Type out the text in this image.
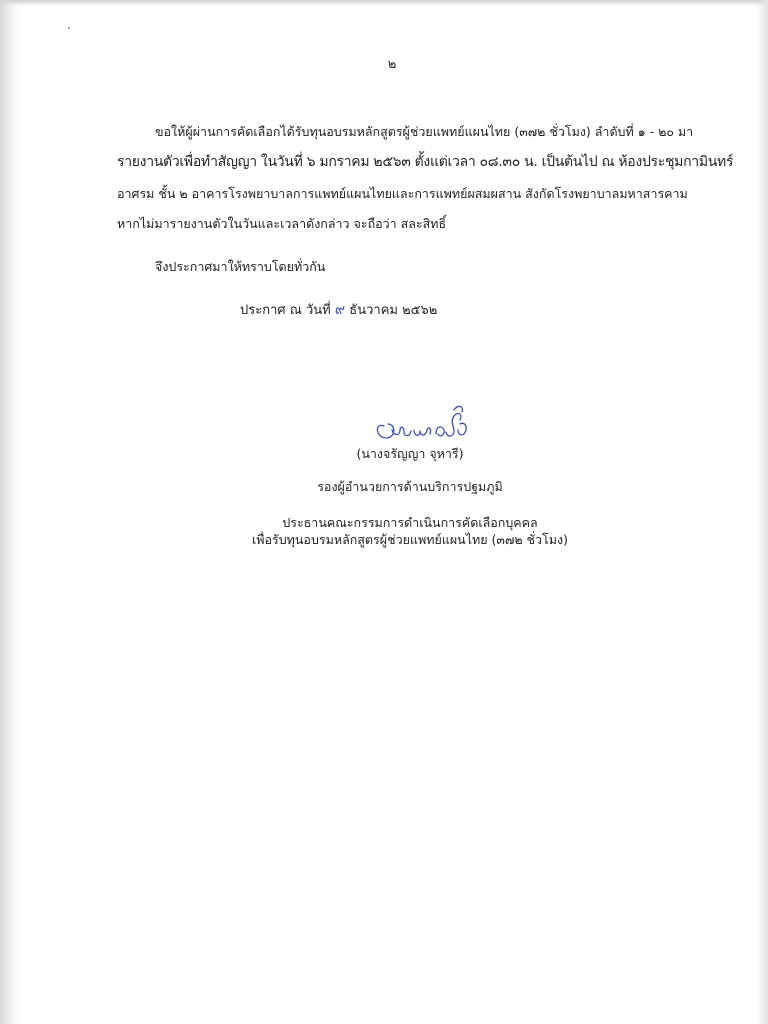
๒
ขอให้ผู้ผ่านการคัดเลือกได้รับทุนอบรมหลักสูตรผู้ช่วยแพทย์แผนไทย (๓๗๒ ชั่วโมง) ลำดับที่ ๑ - ๒๐ มา
รายงานตัวเพื่อทำสัญญา ในวันที่ ๖ มกราคม ๒๕๖๓ ตั้งแต่เวลา ๐๘.๓๐ น. เป็นต้นไป ณ ห้องประชุมกามินทร์
อาศรม ชั้น ๒ อาคารโรงพยาบาลการแพทย์แผนไทยและการแพทย์ผสมผสาน สังกัดโรงพยาบาลมหาสารคาม
หากไม่มารายงานตัวในวันและเวลาดังกล่าว จะถือว่า สละสิทธิ์
จึงประกาศมาให้ทราบโดยทั่วกัน
ประกาศ ณ วันที่ ๙ ธันวาคม ๒๕๖๒
(นางจรัญญา จุหารี)
รองผู้อำนวยการด้านบริการปฐมภูมิ
ประธานคณะกรรมการดำเนินการคัดเลือกบุคคล
เพื่อรับทุนอบรมหลักสูตรผู้ช่วยแพทย์แผนไทย (๓๗๒ ชั่วโมง)
